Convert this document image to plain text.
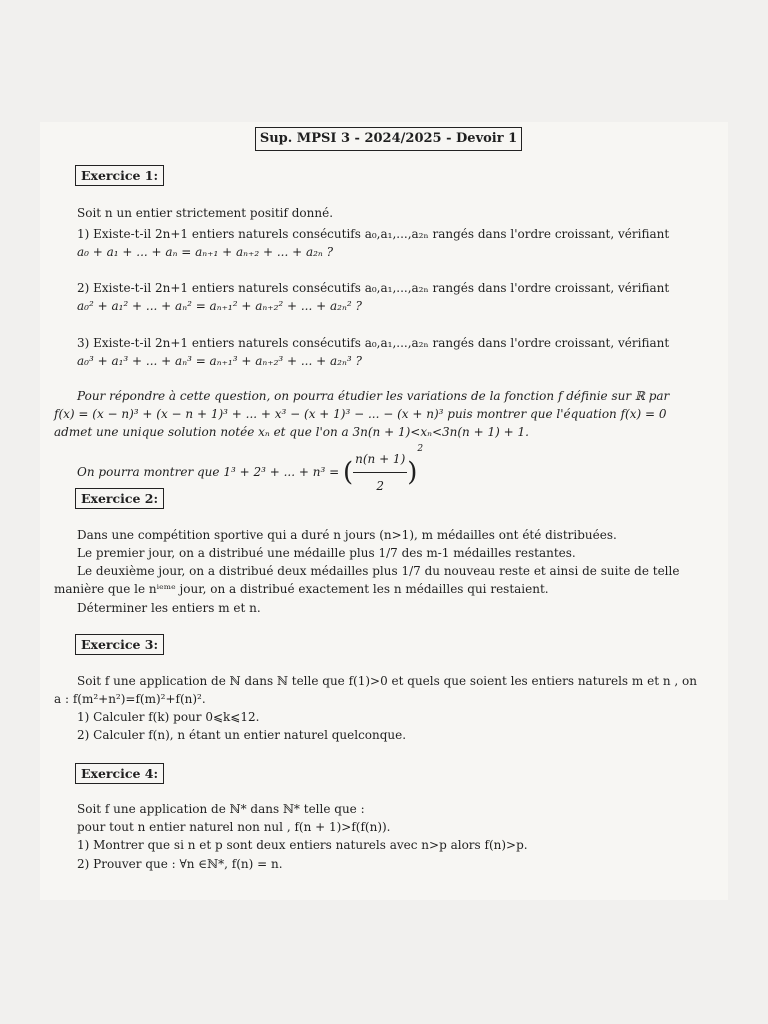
Sup. MPSI 3 - 2024/2025 - Devoir 1
Exercice 1:
Soit n un entier strictement positif donné.
1) Existe-t-il 2n+1 entiers naturels consécutifs a₀,a₁,...,a₂ₙ rangés dans l'ordre croissant, vérifiant
a₀ + a₁ + ... + aₙ = aₙ₊₁ + aₙ₊₂ + ... + a₂ₙ ?
2) Existe-t-il 2n+1 entiers naturels consécutifs a₀,a₁,...,a₂ₙ rangés dans l'ordre croissant, vérifiant
a₀² + a₁² + ... + aₙ² = aₙ₊₁² + aₙ₊₂² + ... + a₂ₙ² ?
3) Existe-t-il 2n+1 entiers naturels consécutifs a₀,a₁,...,a₂ₙ rangés dans l'ordre croissant, vérifiant
a₀³ + a₁³ + ... + aₙ³ = aₙ₊₁³ + aₙ₊₂³ + ... + a₂ₙ³ ?
Pour répondre à cette question, on pourra étudier les variations de la fonction f définie sur ℝ par
f(x) = (x − n)³ + (x − n + 1)³ + ... + x³ − (x + 1)³ − ... − (x + n)³ puis montrer que l'équation f(x) = 0
admet une unique solution notée xₙ et que l'on a 3n(n + 1)<xₙ<3n(n + 1) + 1.
On pourra montrer que 1³ + 2³ + ... + n³ = ( $\frac{n(n + 1)}{2} )^2$
Exercice 2:
Dans une compétition sportive qui a duré n jours (n>1), m médailles ont été distribuées.
Le premier jour, on a distribué une médaille plus 1/7 des m-1 médailles restantes.
Le deuxième jour, on a distribué deux médailles plus 1/7 du nouveau reste et ainsi de suite de telle
manière que le nⁱᵉᵐᵉ jour, on a distribué exactement les n médailles qui restaient.
Déterminer les entiers m et n.
Exercice 3:
Soit f une application de ℕ dans ℕ telle que f(1)>0 et quels que soient les entiers naturels m et n , on
a : f(m²+n²)=f(m)²+f(n)².
1) Calculer f(k) pour 0⩽k⩽12.
2) Calculer f(n), n étant un entier naturel quelconque.
Exercice 4:
Soit f une application de ℕ* dans ℕ* telle que :
pour tout n entier naturel non nul , f(n + 1)>f(f(n)).
1) Montrer que si n et p sont deux entiers naturels avec n>p alors f(n)>p.
2) Prouver que : ∀n ∈ℕ*, f(n) = n.
